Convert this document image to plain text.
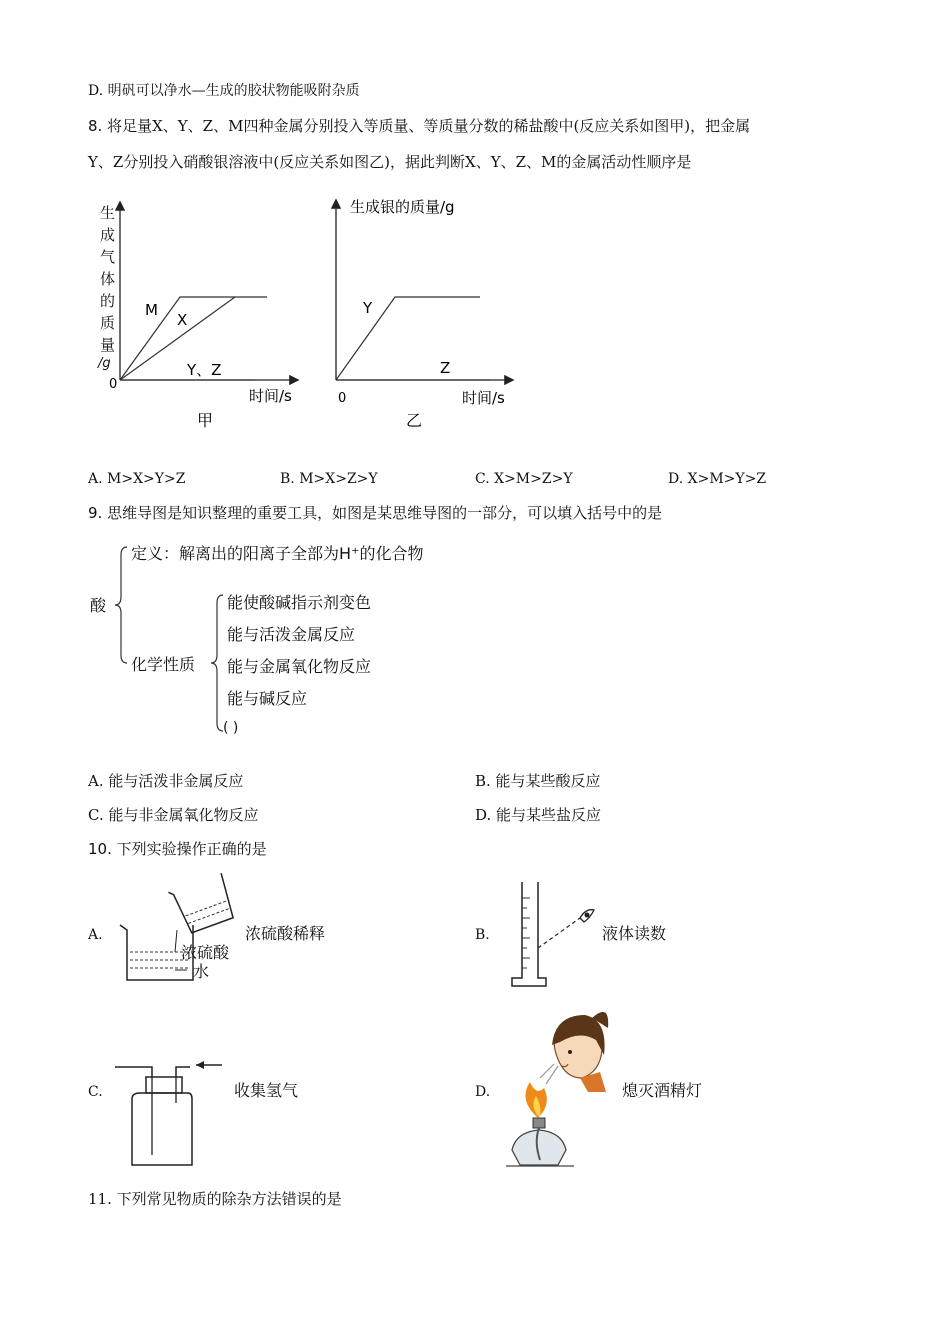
D. 明矾可以净水—生成的胶状物能吸附杂质
8. 将足量X、Y、Z、M四种金属分别投入等质量、等质量分数的稀盐酸中(反应关系如图甲)，把金属
Y、Z分别投入硝酸银溶液中(反应关系如图乙)，据此判断X、Y、Z、M的金属活动性顺序是
生
成
气
体
的
质
量
/g
0
M
X
Y、Z
时间/s
甲
生成银的质量/g
0
Y
Z
时间/s
乙
A. M>X>Y>Z	B. M>X>Z>Y	C. X>M>Z>Y	D. X>M>Y>Z
9. 思维导图是知识整理的重要工具，如图是某思维导图的一部分，可以填入括号中的是
酸
定义：解离出的阳离子全部为H⁺的化合物
化学性质
能使酸碱指示剂变色
能与活泼金属反应
能与金属氧化物反应
能与碱反应
( )
A. 能与活泼非金属反应	B. 能与某些酸反应
C. 能与非金属氧化物反应	D. 能与某些盐反应
10. 下列实验操作正确的是
A.
浓硫酸
水
浓硫酸稀释	B.	液体读数
C.	收集氢气	D.	熄灭酒精灯
11. 下列常见物质的除杂方法错误的是
